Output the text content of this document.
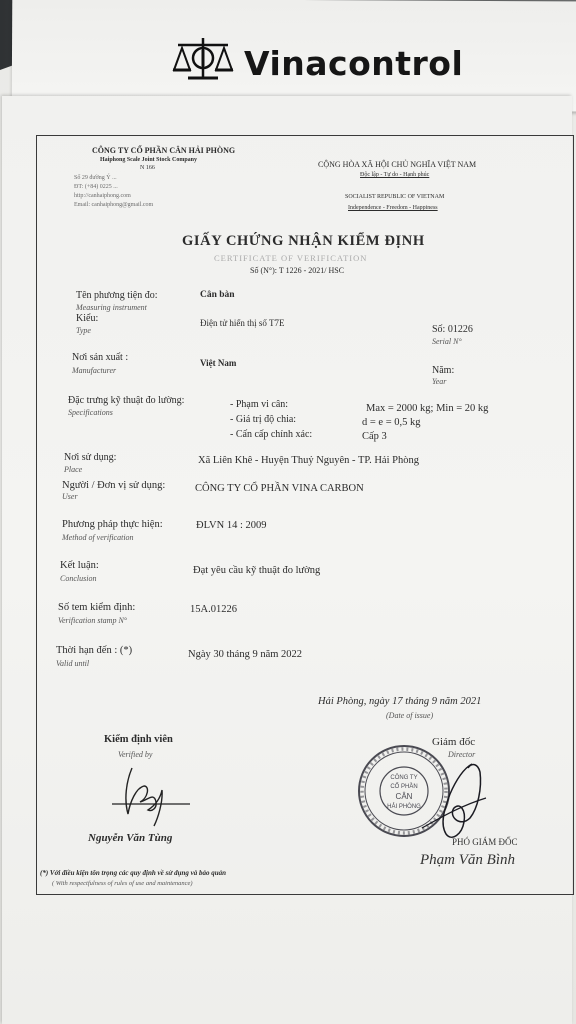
Vinacontrol
CÔNG TY CỔ PHẦN CÂN HẢI PHÒNG
Haiphong Scale Joint Stock Company
N 166
Số 29 đường Ý ...
ĐT: (+84) 0225 ...
http://canhaiphong.com
Email: canhaiphong@gmail.com
CỘNG HÒA XÃ HỘI CHỦ NGHĨA VIỆT NAM
Độc lập - Tự do - Hạnh phúc
SOCIALIST REPUBLIC OF VIETNAM
Independence - Freedom - Happiness
GIẤY CHỨNG NHẬN KIỂM ĐỊNH
CERTIFICATE OF VERIFICATION
Số (N°): T 1226 - 2021/ HSC
Tên phương tiện đo:
Measuring instrument
Cân bàn
Kiểu:
Type
Điện tử hiển thị số T7E
Số: 01226
Serial N°
Nơi sản xuất :
Manufacturer
Việt Nam
Năm:
Year
Đặc trưng kỹ thuật đo lường:
Specifications
- Phạm vi cân:	Max = 2000 kg; Min = 20 kg
- Giá trị độ chia:	d = e = 0,5 kg
- Cấn cấp chính xác:	Cấp 3
Nơi sử dụng:
Place
Xã Liên Khê - Huyện Thuỷ Nguyên - TP. Hải Phòng
Người / Đơn vị sử dụng:
User
CÔNG TY CỔ PHẦN VINA CARBON
Phương pháp thực hiện:
Method of verification
ĐLVN 14 : 2009
Kết luận:
Conclusion
Đạt yêu cầu kỹ thuật đo lường
Số tem kiểm định:
Verification stamp N°
15A.01226
Thời hạn đến : (*)
Valid until
Ngày 30 tháng 9 năm 2022
Hải Phòng, ngày 17 tháng 9 năm 2021
(Date of issue)
Kiểm định viên
Verified by
Nguyễn Văn Tùng
Giám đốc
Director
CÔNG TY
CỔ PHẦN
CÂN
HẢI PHÒNG
PHÓ GIÁM ĐỐC
Phạm Văn Bình
(*) Với điều kiện tôn trọng các quy định về sử dụng và bảo quản
( With respectfulness of rules of use and maintenance)
